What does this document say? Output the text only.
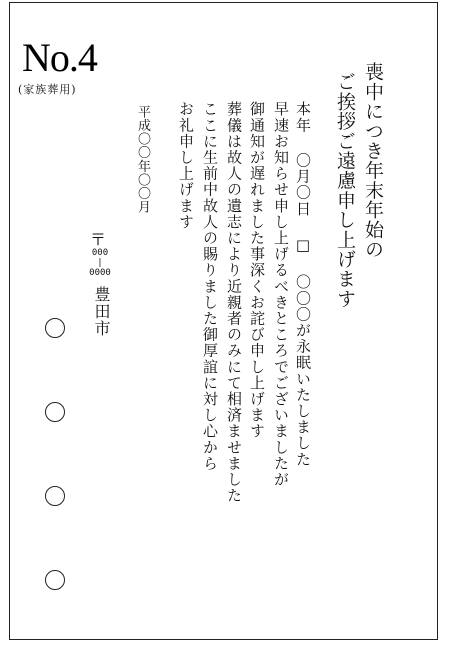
No.4
(家族葬用)	喪中につき年末年始の
ご挨拶ご遠慮申し上げます
本年 〇月〇日 □ 〇〇〇が永眠いたしました
早速お知らせ申し上げるべきところでございましたが
御通知が遅れました事深くお詫び申し上げます
葬儀は故人の遺志により近親者のみにて相済ませました
ここに生前中故人の賜りました御厚誼に対し心から
お礼申し上げます
平成〇〇年〇〇月
〒
000
|
0000
豊田市
